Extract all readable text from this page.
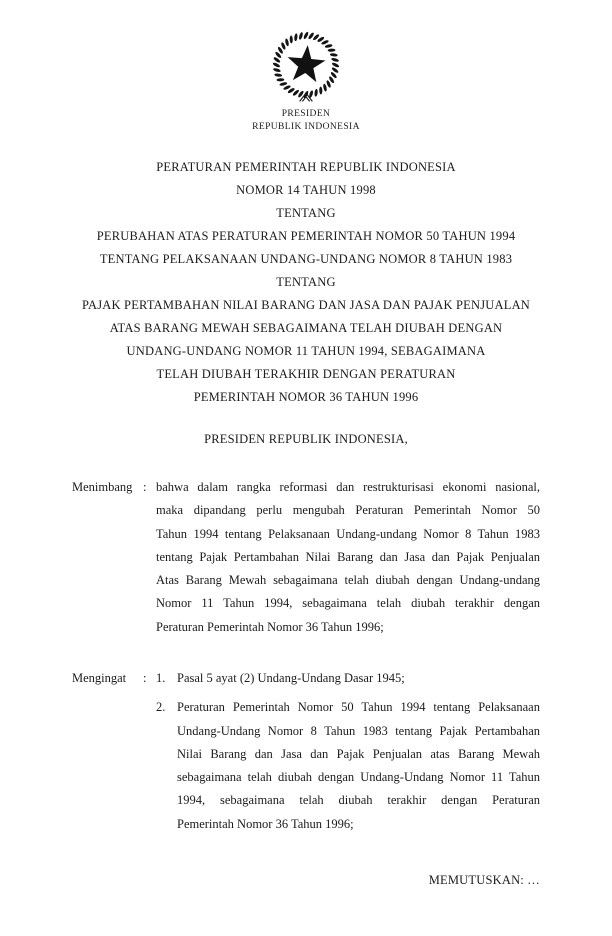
PRESIDEN
REPUBLIK INDONESIA
PERATURAN PEMERINTAH REPUBLIK INDONESIA
NOMOR 14 TAHUN 1998
TENTANG
PERUBAHAN ATAS PERATURAN PEMERINTAH NOMOR 50 TAHUN 1994
TENTANG PELAKSANAAN UNDANG-UNDANG NOMOR 8 TAHUN 1983
TENTANG
PAJAK PERTAMBAHAN NILAI BARANG DAN JASA DAN PAJAK PENJUALAN
ATAS BARANG MEWAH SEBAGAIMANA TELAH DIUBAH DENGAN
UNDANG-UNDANG NOMOR 11 TAHUN 1994, SEBAGAIMANA
TELAH DIUBAH TERAKHIR DENGAN PERATURAN
PEMERINTAH NOMOR 36 TAHUN 1996
PRESIDEN REPUBLIK INDONESIA,
Menimbang : bahwa dalam rangka reformasi dan restrukturisasi ekonomi nasional,
maka dipandang perlu mengubah Peraturan Pemerintah Nomor 50
Tahun 1994 tentang Pelaksanaan Undang-undang Nomor 8 Tahun 1983
tentang Pajak Pertambahan Nilai Barang dan Jasa dan Pajak Penjualan
Atas Barang Mewah sebagaimana telah diubah dengan Undang-undang
Nomor 11 Tahun 1994, sebagaimana telah diubah terakhir dengan
Peraturan Pemerintah Nomor 36 Tahun 1996;
Mengingat	: 1. Pasal 5 ayat (2) Undang-Undang Dasar 1945;
2. Peraturan Pemerintah Nomor 50 Tahun 1994 tentang Pelaksanaan
Undang-Undang Nomor 8 Tahun 1983 tentang Pajak Pertambahan
Nilai Barang dan Jasa dan Pajak Penjualan atas Barang Mewah
sebagaimana telah diubah dengan Undang-Undang Nomor 11 Tahun
1994, sebagaimana telah diubah terakhir dengan Peraturan
Pemerintah Nomor 36 Tahun 1996;
MEMUTUSKAN: …
